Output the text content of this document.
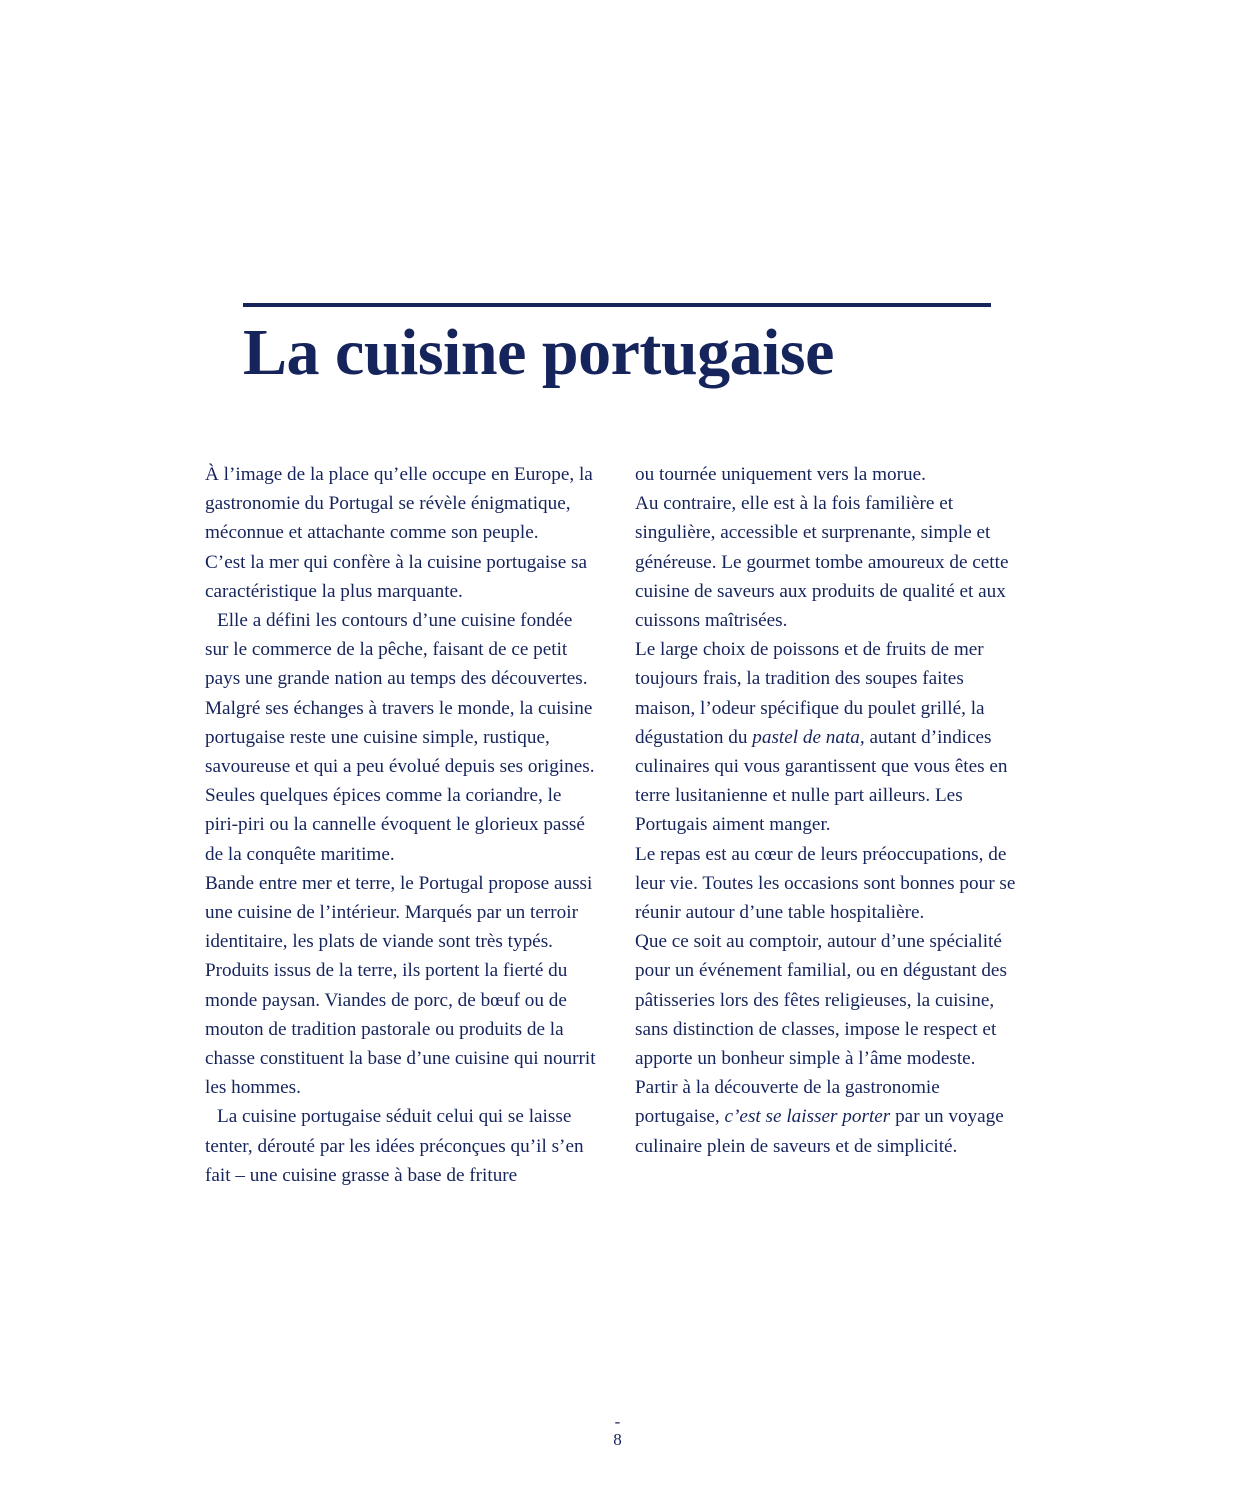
La cuisine portugaise

À l’image de la place qu’elle occupe en Europe, la gastronomie du Portugal se révèle énigmatique, méconnue et attachante comme son peuple.

C’est la mer qui confère à la cuisine portugaise sa caractéristique la plus marquante.

Elle a défini les contours d’une cuisine fondée sur le commerce de la pêche, faisant de ce petit pays une grande nation au temps des découvertes. Malgré ses échanges à travers le monde, la cuisine portugaise reste une cuisine simple, rustique, savoureuse et qui a peu évolué depuis ses origines. Seules quelques épices comme la coriandre, le piri-piri ou la cannelle évoquent le glorieux passé de la conquête maritime.

Bande entre mer et terre, le Portugal propose aussi une cuisine de l’intérieur. Marqués par un terroir identitaire, les plats de viande sont très typés. Produits issus de la terre, ils portent la fierté du monde paysan. Viandes de porc, de bœuf ou de mouton de tradition pastorale ou produits de la chasse constituent la base d’une cuisine qui nourrit les hommes.

La cuisine portugaise séduit celui qui se laisse tenter, dérouté par les idées préconçues qu’il s’en fait – une cuisine grasse à base de friture

ou tournée uniquement vers la morue.

Au contraire, elle est à la fois familière et singulière, accessible et surprenante, simple et généreuse. Le gourmet tombe amoureux de cette cuisine de saveurs aux produits de qualité et aux cuissons maîtrisées.

Le large choix de poissons et de fruits de mer toujours frais, la tradition des soupes faites maison, l’odeur spécifique du poulet grillé, la dégustation du pastel de nata, autant d’indices culinaires qui vous garantissent que vous êtes en terre lusitanienne et nulle part ailleurs. Les Portugais aiment manger.

Le repas est au cœur de leurs préoccupations, de leur vie. Toutes les occasions sont bonnes pour se réunir autour d’une table hospitalière.

Que ce soit au comptoir, autour d’une spécialité pour un événement familial, ou en dégustant des pâtisseries lors des fêtes religieuses, la cuisine, sans distinction de classes, impose le respect et apporte un bonheur simple à l’âme modeste.

Partir à la découverte de la gastronomie portugaise, c’est se laisser porter par un voyage culinaire plein de saveurs et de simplicité.

-
8
